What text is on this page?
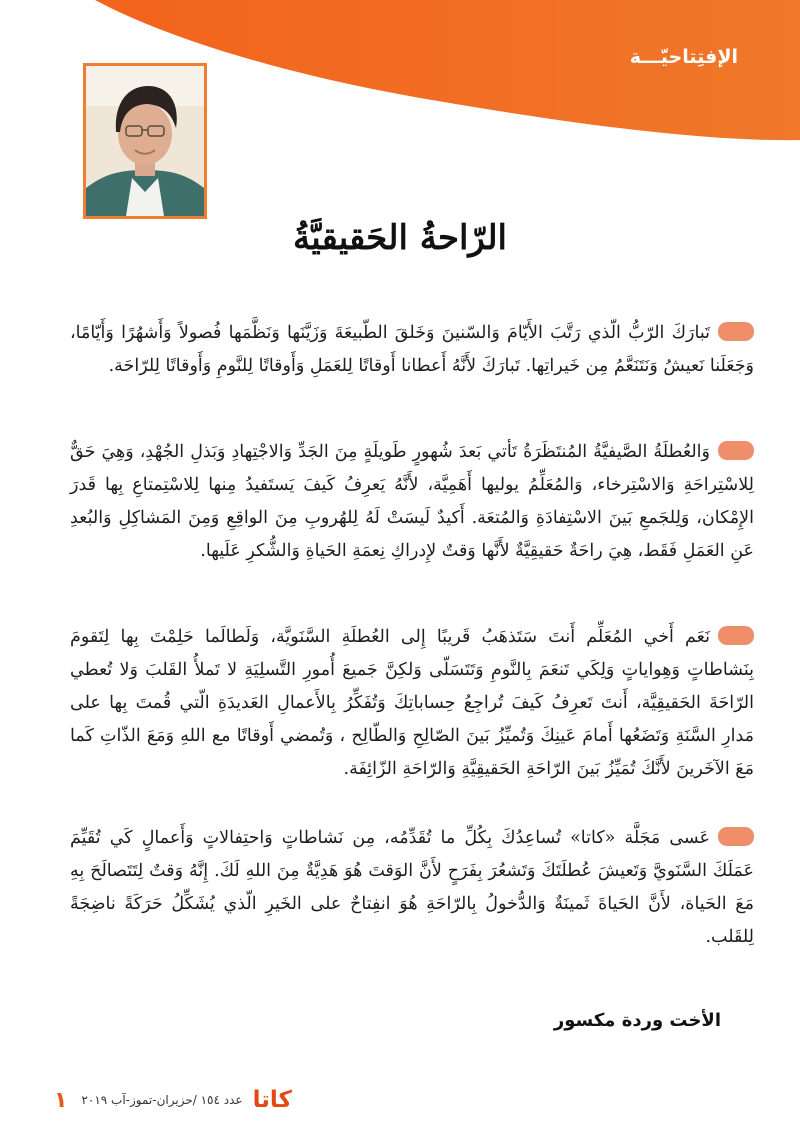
الإفتِتاحيّـــة
الرّاحةُ الحَقيقيَّةُ

تَبارَكَ الرّبُّ الّذي رَتَّبَ الأَيّامَ وَالسّنينَ وَخَلقَ الطّبيعَةَ وَزَيَّنَها وَنَظَّمَها فُصولاً وَأَشهُرًا وَأَيّامًا، وَجَعَلَنا نَعيشُ وَنَتَنَعَّمُ مِن خَيراتِها. تَبارَكَ لأَنَّهُ أَعطانا أَوقاتًا لِلعَمَلِ وَأَوقاتًا لِلنَّومِ وَأَوقاتًا لِلرّاحَة.

وَالعُطلَةُ الصَّيفيَّةُ المُنتَظَرَةُ تَأتي بَعدَ شُهورٍ طَويلَةٍ مِنَ الجَدِّ وَالاجْتِهادِ وَبَذلِ الجُهْدِ، وَهِيَ حَقٌّ لِلاسْتِراحَةِ وَالاسْتِرخاء، وَالمُعَلِّمُ يوليها أَهَمِيَّة، لأَنَّهُ يَعرِفُ كَيفَ يَستَفيدُ مِنها لِلاسْتِمتاعِ بِها قَدرَ الإِمْكان، وَلِلجَمعِ بَينَ الاسْتِفادَةِ وَالمُتعَة. أَكيدٌ لَيسَتْ لَهُ لِلهُروبِ مِنَ الواقِعِ وَمِنَ المَشاكِلِ وَالبُعدِ عَنِ العَمَلِ فَقَط، هِيَ راحَةٌ حَقيقِيَّةٌ لأَنَّها وَقتٌ لإِدراكِ نِعمَةِ الحَياةِ وَالشُّكرِ عَلَيها.

نَعَم أَخي المُعَلِّم أَنتَ سَتَذهَبُ قَريبًا إِلى العُطلَةِ السَّنَويَّة، وَلَطالَما حَلِمْتَ بِها لِتَقومَ بِنَشاطاتٍ وَهِواياتٍ وَلِكَي تَنعَمَ بِالنَّومِ وَتَتَسَلّى وَلكِنَّ جَميعَ أُمورِ التَّسلِيَةِ لا تَملأُ القَلبَ وَلا تُعطي الرّاحَةَ الحَقيقِيَّة، أَنتَ تَعرِفُ كَيفَ تُراجِعُ حِساباتِكَ وَتُفَكِّرُ بِالأَعمالِ العَديدَةِ الّتي قُمتَ بِها على مَدارِ السَّنَةِ وَتَضَعُها أَمامَ عَينِكَ وَتُميِّزُ بَينَ الصّالِحِ وَالطّالِح ، وَتُمضي أَوقاتًا مع اللهِ وَمَعَ الذّاتِ كَما مَعَ الآخَرينَ لأَنَّكَ تُمَيِّزُ بَينَ الرّاحَةِ الحَقيقِيَّةِ وَالرّاحَةِ الزّائِفَة.

عَسى مَجَلَّة «كاتا» تُساعِدُكَ بِكُلِّ ما تُقَدِّمُه، مِن نَشاطاتٍ وَاحتِفالاتٍ وَأَعمالٍ كَي تُقَيِّمَ عَمَلَكَ السَّنَويَّ وَتَعيشَ عُطلَتَكَ وَتَشعُرَ بِفَرَحٍ لأَنَّ الوَقتَ هُوَ هَدِيَّةٌ مِنَ اللهِ لَكَ. إِنَّهُ وَقتٌ لِتَتَصالَحَ بِهِ مَعَ الحَياة، لأَنَّ الحَياةَ ثَمينَةٌ وَالدُّخولُ بِالرّاحَةِ هُوَ انفِتاحٌ على الخَيرِ الّذي يُشَكِّلُ حَرَكَةً ناضِجَةً لِلقَلب.

الأخت وردة مكسور

كاتا
عدد ١٥٤ /حزيران-تموز-آب ٢٠١٩
١
